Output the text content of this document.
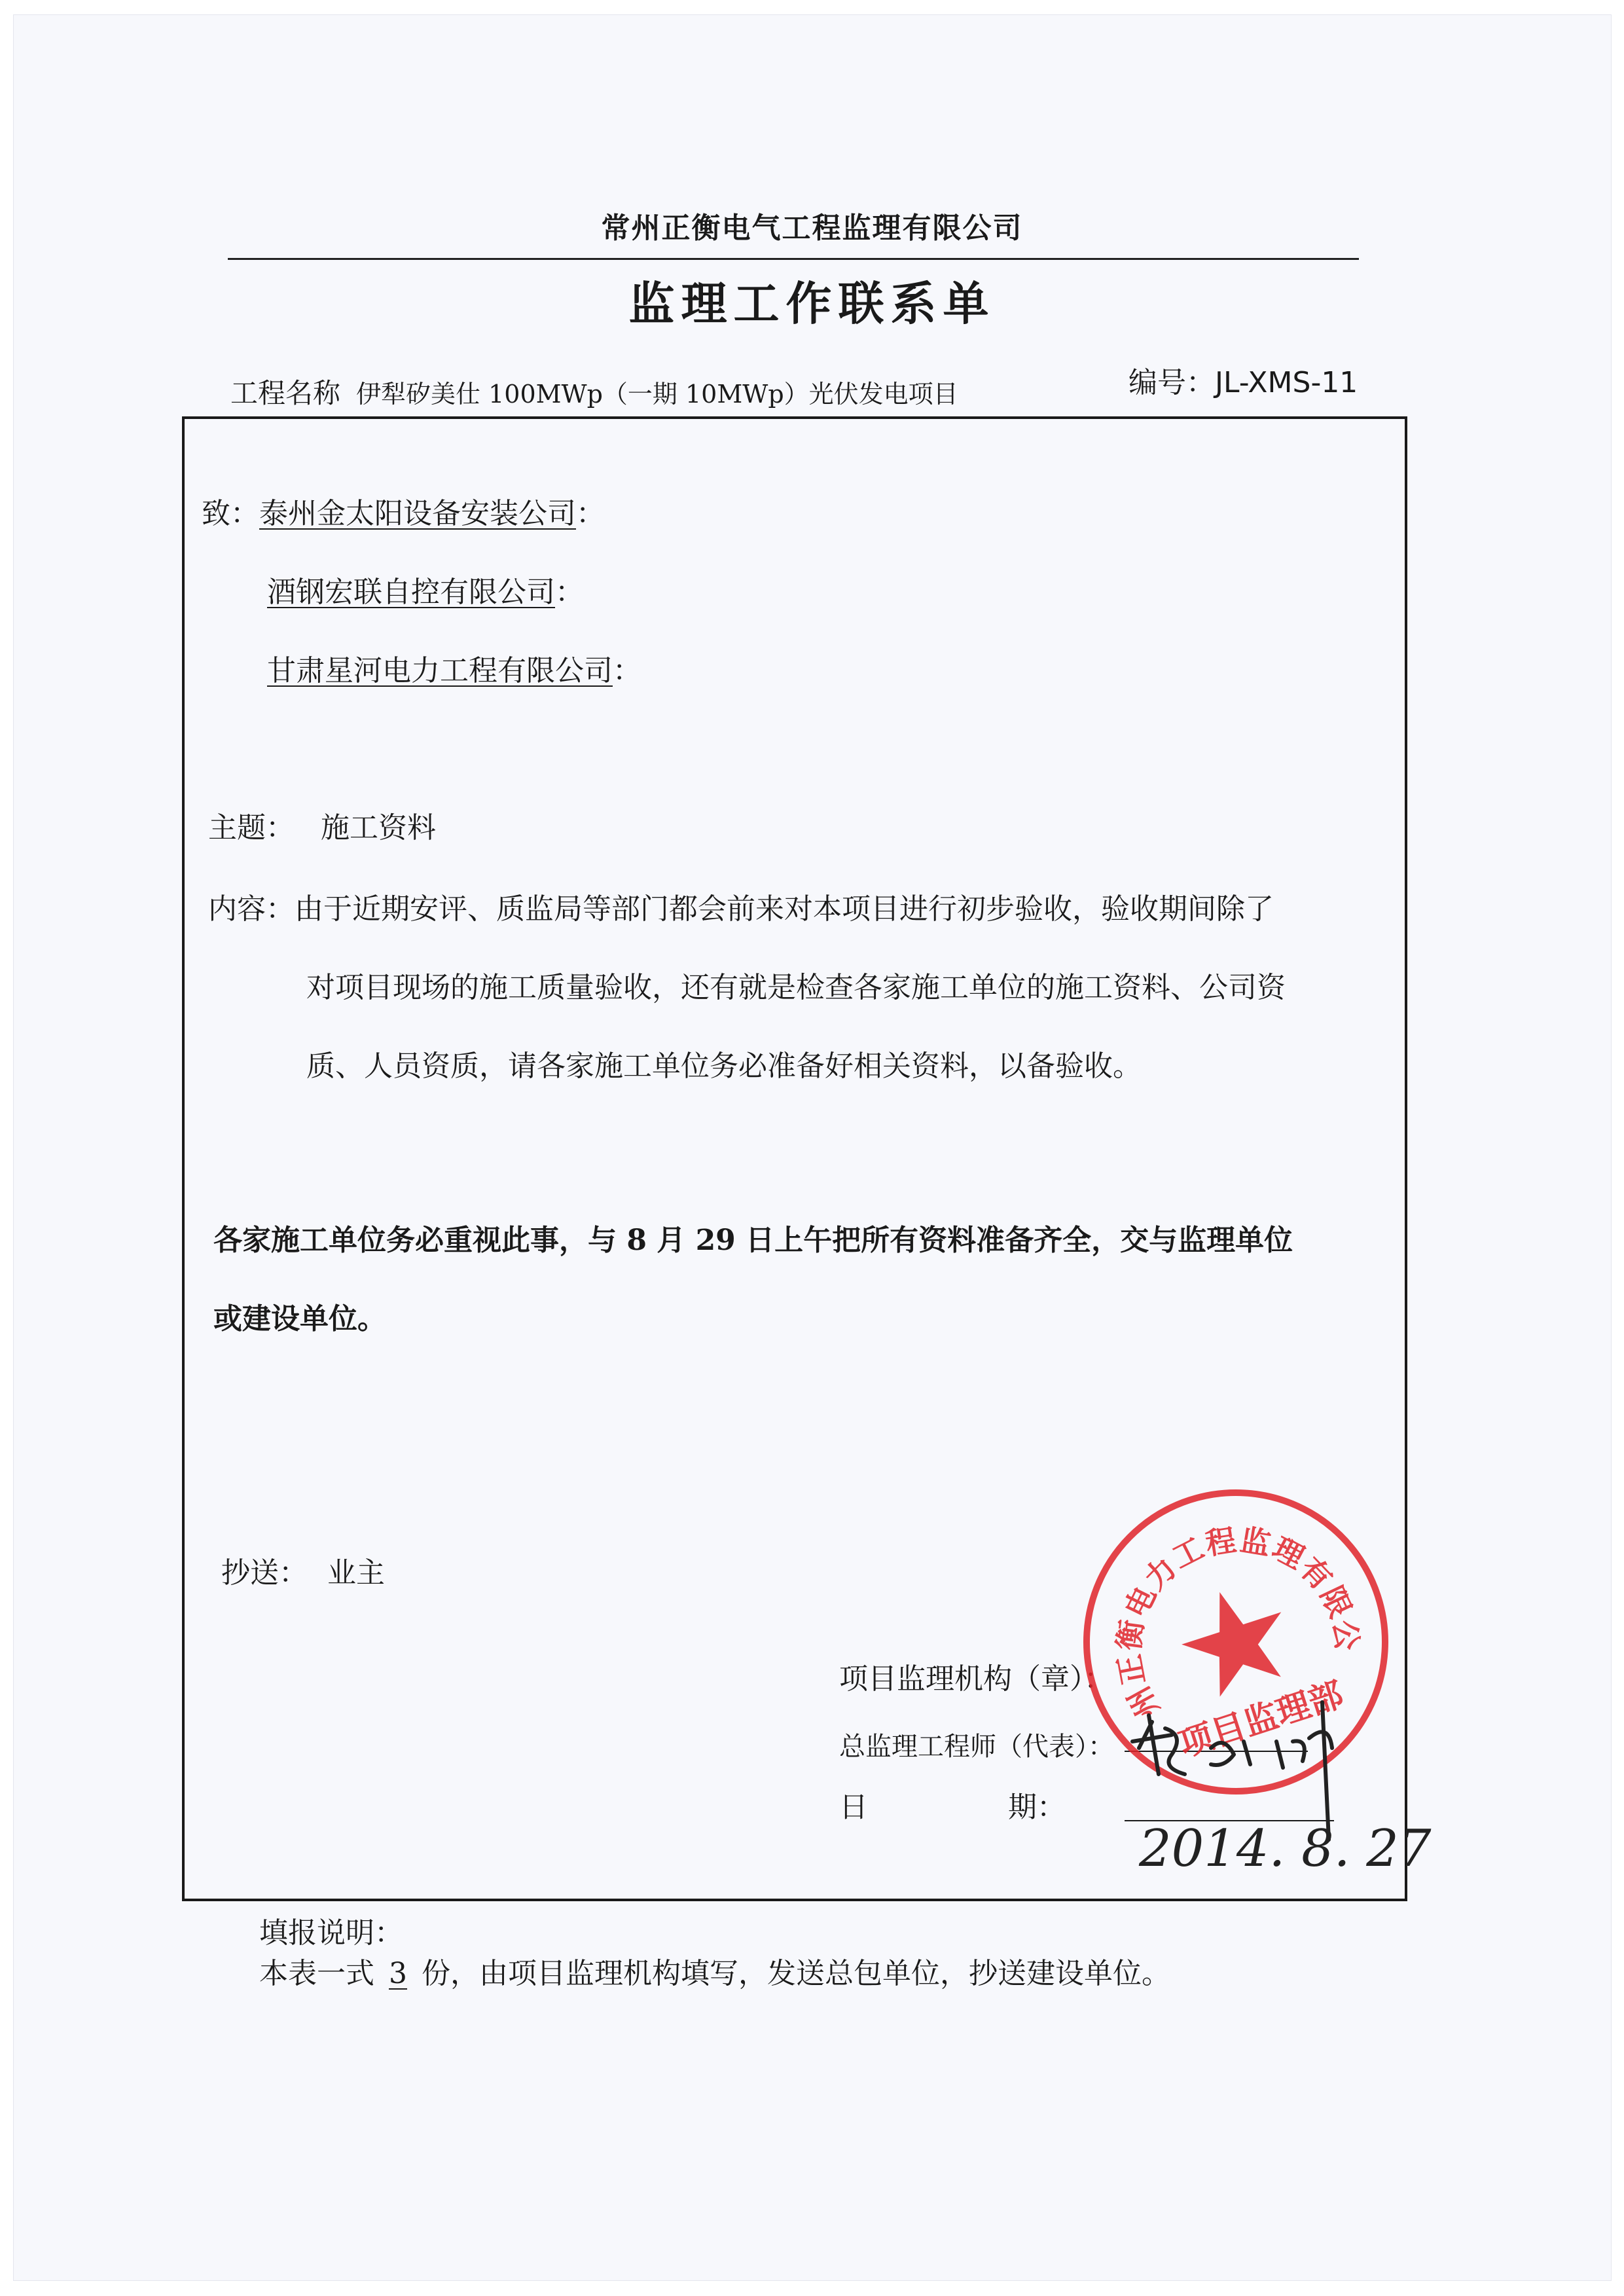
常州正衡电气工程监理有限公司
监理工作联系单
工程名称 伊犁矽美仕 100MWp（一期 10MWp）光伏发电项目	编号：JL-XMS-11
致：泰州金太阳设备安装公司：
酒钢宏联自控有限公司：
甘肃星河电力工程有限公司：
主题： 施工资料
内容：由于近期安评、质监局等部门都会前来对本项目进行初步验收，验收期间除了
对项目现场的施工质量验收，还有就是检查各家施工单位的施工资料、公司资
质、人员资质，请各家施工单位务必准备好相关资料，以备验收。
各家施工单位务必重视此事，与 8 月 29 日上午把所有资料准备齐全，交与监理单位
或建设单位。
抄送： 业主
项目监理机构（章）：
总监理工程师（代表）：
日	期：
常州正衡电力工程监理有限公司
项目监理部
2014. 8. 27
填报说明：
本表一式 3 份，由项目监理机构填写，发送总包单位，抄送建设单位。
